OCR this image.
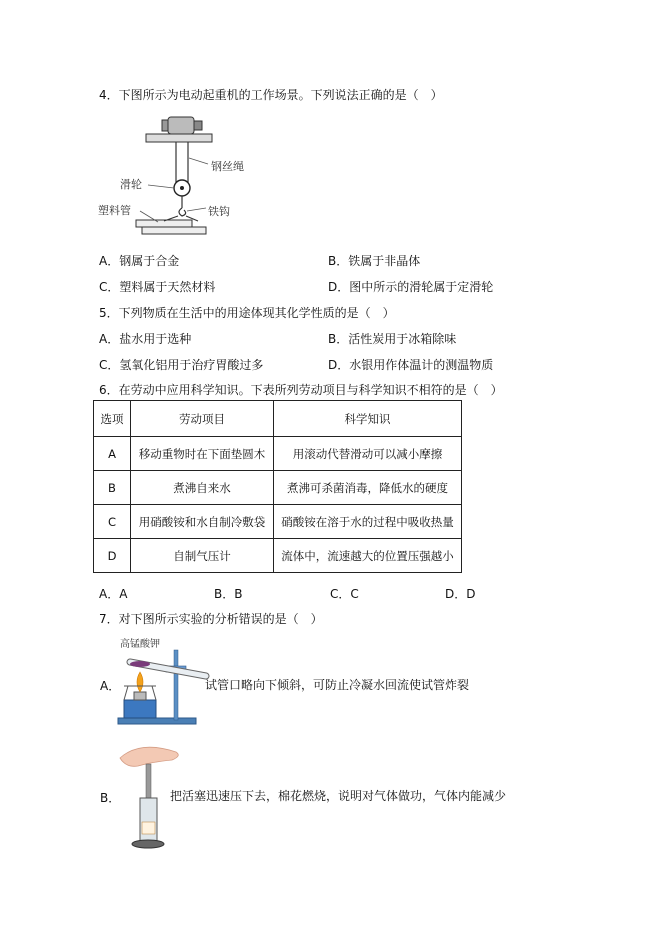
4．下图所示为电动起重机的工作场景。下列说法正确的是（　）
钢丝绳
滑轮
塑料管	铁钩
A．钢属于合金	B．铁属于非晶体
C．塑料属于天然材料	D．图中所示的滑轮属于定滑轮
5．下列物质在生活中的用途体现其化学性质的是（　）
A．盐水用于选种	B．活性炭用于冰箱除味
C．氢氧化铝用于治疗胃酸过多	D．水银用作体温计的测温物质
6．在劳动中应用科学知识。下表所列劳动项目与科学知识不相符的是（　）
选项	劳动项目	科学知识
A	移动重物时在下面垫圆木	用滚动代替滑动可以减小摩擦
B	煮沸自来水	煮沸可杀菌消毒，降低水的硬度
C	用硝酸铵和水自制冷敷袋	硝酸铵在溶于水的过程中吸收热量
D	自制气压计	流体中，流速越大的位置压强越小
A．A	B．B	C．C	D．D
7．对下图所示实验的分析错误的是（　）
高锰酸钾
A．	试管口略向下倾斜，可防止冷凝水回流使试管炸裂
B．	把活塞迅速压下去，棉花燃烧，说明对气体做功，气体内能减少
